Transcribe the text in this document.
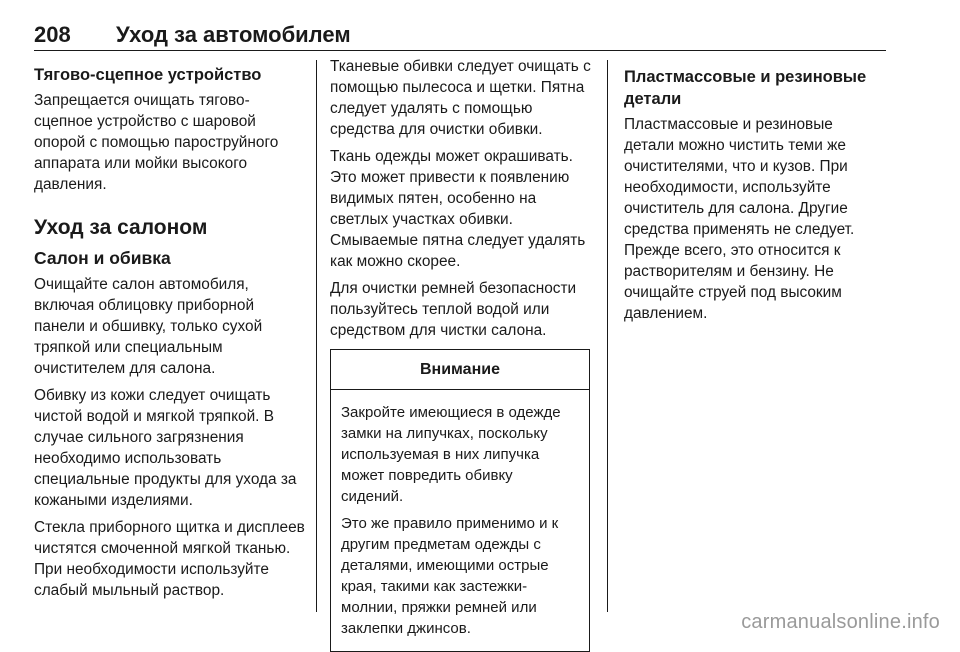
208 Уход за автомобилем
Тягово-сцепное устройство

Запрещается очищать тягово-сцепное устройство с шаровой опорой с помощью пароструйного аппарата или мойки высокого давления.

Уход за салоном
Салон и обивка

Очищайте салон автомобиля, включая облицовку приборной панели и обшивку, только сухой тряпкой или специальным очистителем для салона.

Обивку из кожи следует очищать чистой водой и мягкой тряпкой. В случае сильного загрязнения необходимо использовать специальные продукты для ухода за кожаными изделиями.

Стекла приборного щитка и дисплеев чистятся смоченной мягкой тканью. При необходимости используйте слабый мыльный раствор.

Тканевые обивки следует очищать с помощью пылесоса и щетки. Пятна следует удалять с помощью средства для очистки обивки.

Ткань одежды может окрашивать. Это может привести к появлению видимых пятен, особенно на светлых участках обивки. Смываемые пятна следует удалять как можно скорее.

Для очистки ремней безопасности пользуйтесь теплой водой или средством для чистки салона.

Внимание

Закройте имеющиеся в одежде замки на липучках, поскольку используемая в них липучка может повредить обивку сидений.

Это же правило применимо и к другим предметам одежды с деталями, имеющими острые края, такими как застежки-молнии, пряжки ремней или заклепки джинсов.

Пластмассовые и резиновые детали

Пластмассовые и резиновые детали можно чистить теми же очистителями, что и кузов. При необходимости, используйте очиститель для салона. Другие средства применять не следует. Прежде всего, это относится к растворителям и бензину. Не очищайте струей под высоким давлением.

carmanualsonline.info
